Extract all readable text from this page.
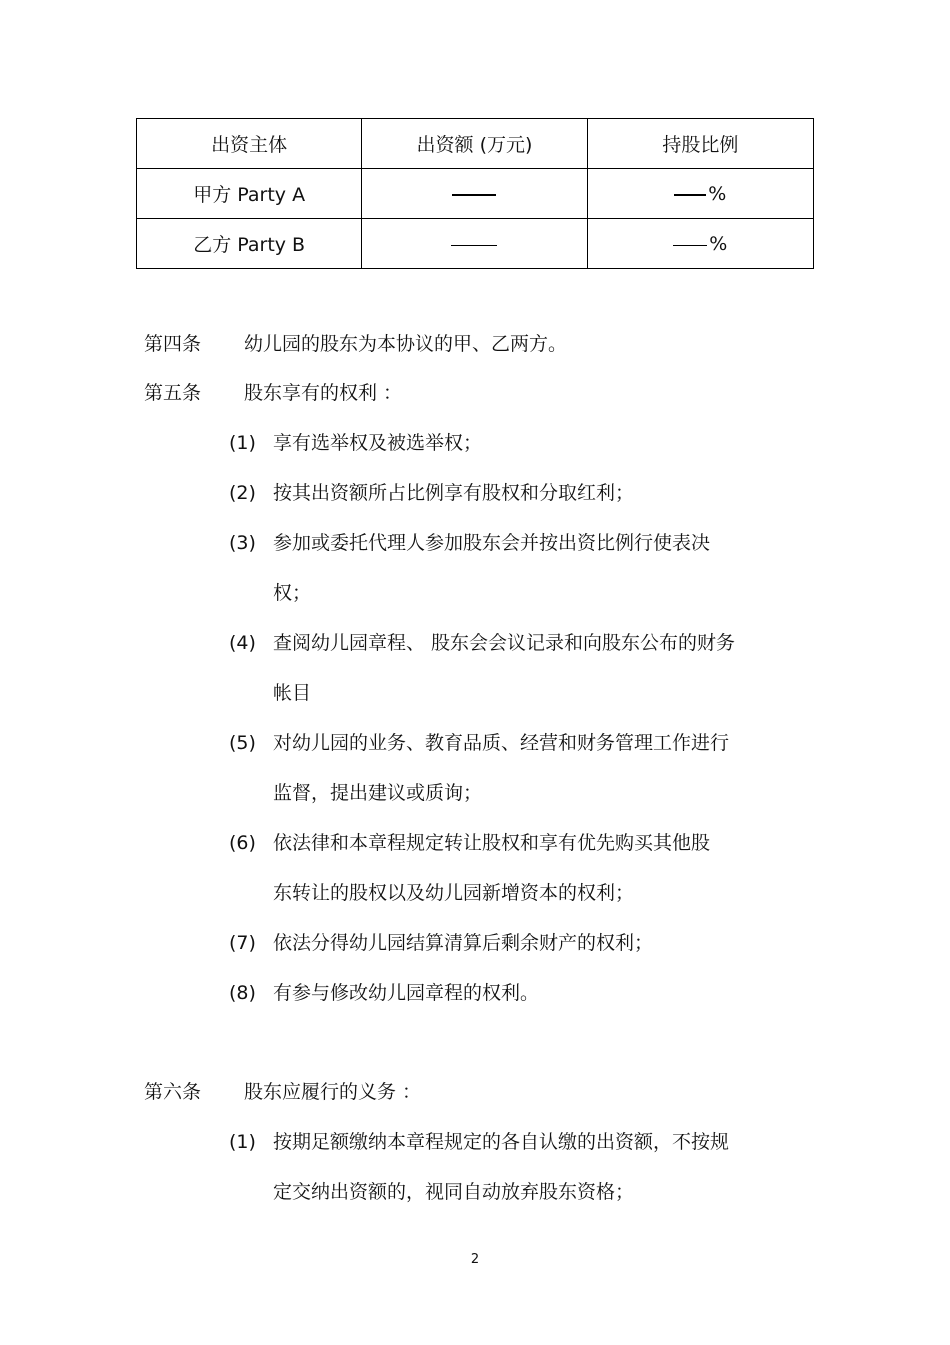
出资主体	出资额 (万元)	持股比例
甲方 Party A		%
乙方 Party B		%
第四条 幼儿园的股东为本协议的甲、乙两方。
第五条 股东享有的权利 ：
(1) 享有选举权及被选举权；
(2) 按其出资额所占比例享有股权和分取红利；
(3) 参加或委托代理人参加股东会并按出资比例行使表决
权；
(4) 查阅幼儿园章程、 股东会会议记录和向股东公布的财务
帐目
(5) 对幼儿园的业务、教育品质、经营和财务管理工作进行
监督，提出建议或质询；
(6) 依法律和本章程规定转让股权和享有优先购买其他股
东转让的股权以及幼儿园新增资本的权利；
(7) 依法分得幼儿园结算清算后剩余财产的权利；
(8) 有参与修改幼儿园章程的权利。
第六条 股东应履行的义务 ：
(1) 按期足额缴纳本章程规定的各自认缴的出资额，不按规
定交纳出资额的，视同自动放弃股东资格；
2
